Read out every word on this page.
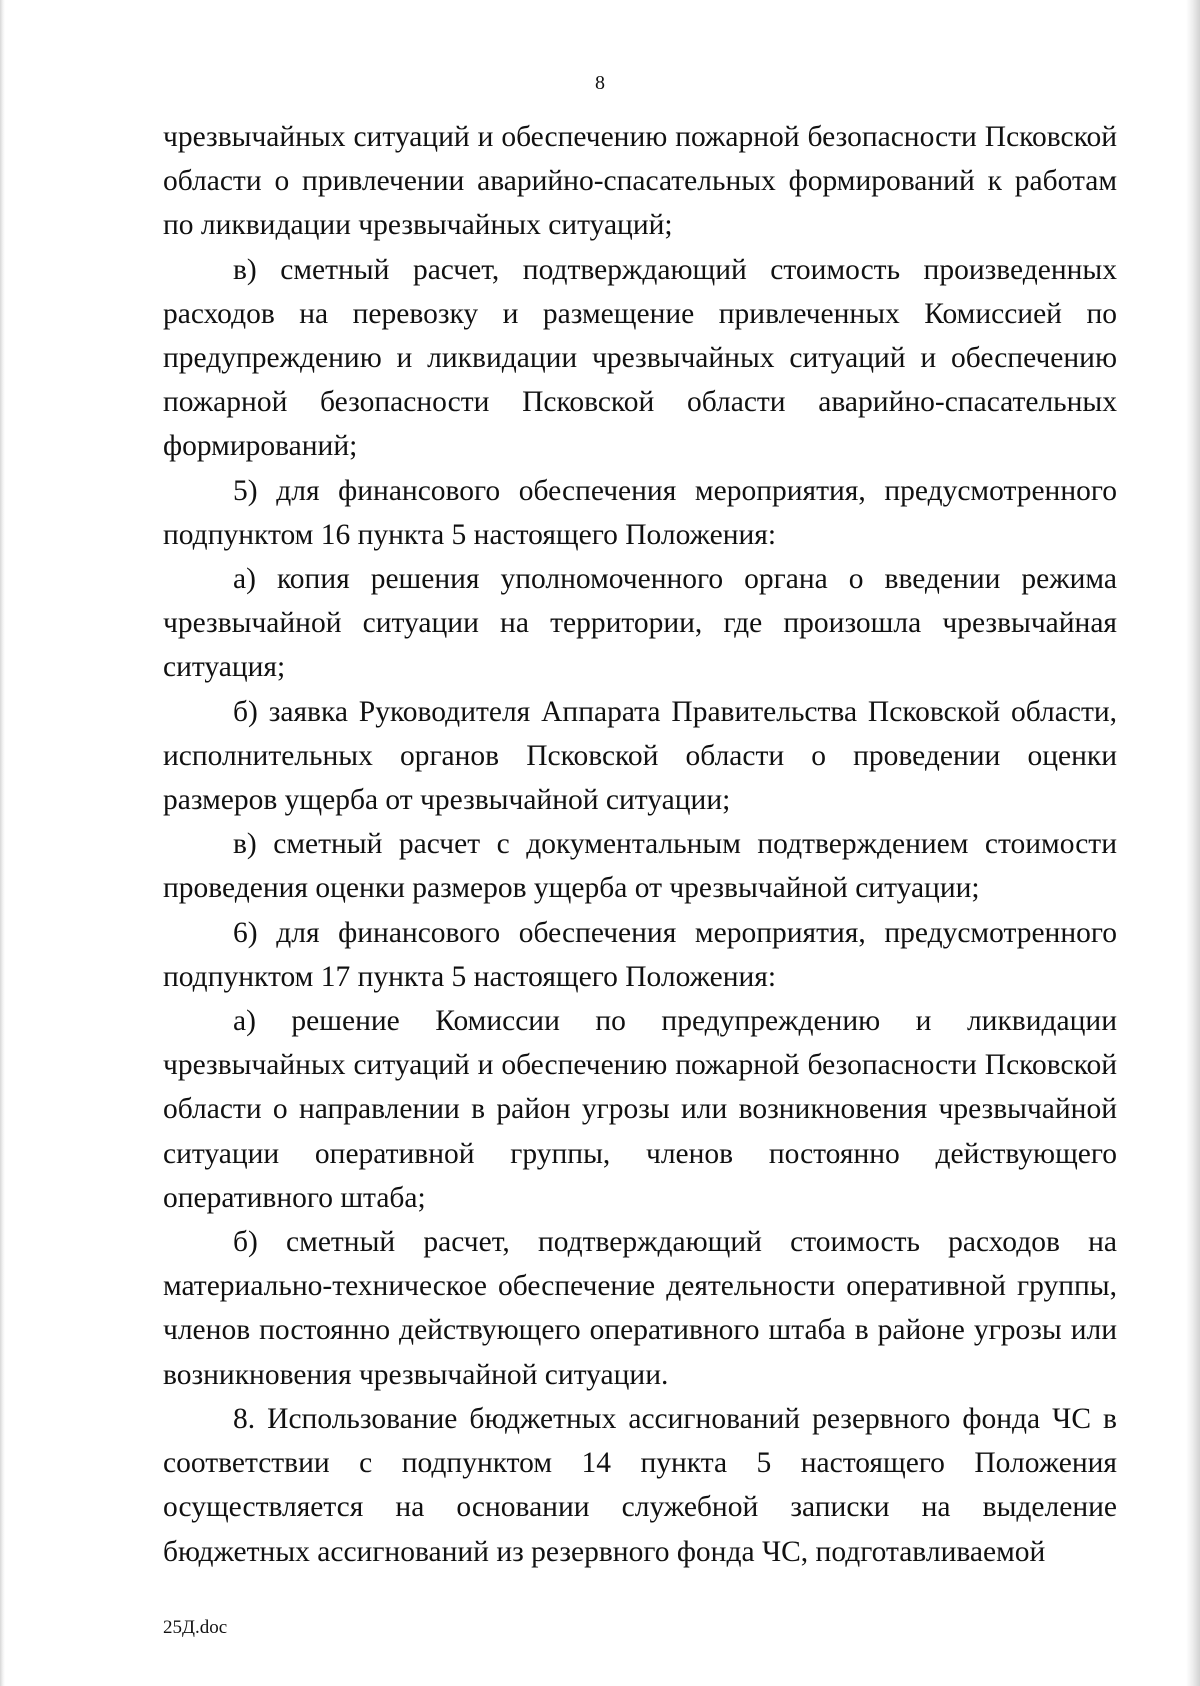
8

чрезвычайных ситуаций и обеспечению пожарной безопасности Псковской области о привлечении аварийно-спасательных формирований к работам по ликвидации чрезвычайных ситуаций;

в) сметный расчет, подтверждающий стоимость произведенных расходов на перевозку и размещение привлеченных Комиссией по предупреждению и ликвидации чрезвычайных ситуаций и обеспечению пожарной безопасности Псковской области аварийно-спасательных формирований;

5) для финансового обеспечения мероприятия, предусмотренного подпунктом 16 пункта 5 настоящего Положения:

а) копия решения уполномоченного органа о введении режима чрезвычайной ситуации на территории, где произошла чрезвычайная ситуация;

б) заявка Руководителя Аппарата Правительства Псковской области, исполнительных органов Псковской области о проведении оценки размеров ущерба от чрезвычайной ситуации;

в) сметный расчет с документальным подтверждением стоимости проведения оценки размеров ущерба от чрезвычайной ситуации;

6) для финансового обеспечения мероприятия, предусмотренного подпунктом 17 пункта 5 настоящего Положения:

а) решение Комиссии по предупреждению и ликвидации чрезвычайных ситуаций и обеспечению пожарной безопасности Псковской области о направлении в район угрозы или возникновения чрезвычайной ситуации оперативной группы, членов постоянно действующего оперативного штаба;

б) сметный расчет, подтверждающий стоимость расходов на материально-техническое обеспечение деятельности оперативной группы, членов постоянно действующего оперативного штаба в районе угрозы или возникновения чрезвычайной ситуации.

8. Использование бюджетных ассигнований резервного фонда ЧС в соответствии с подпунктом 14 пункта 5 настоящего Положения осуществляется на основании служебной записки на выделение бюджетных ассигнований из резервного фонда ЧС, подготавливаемой

25Д.doc
